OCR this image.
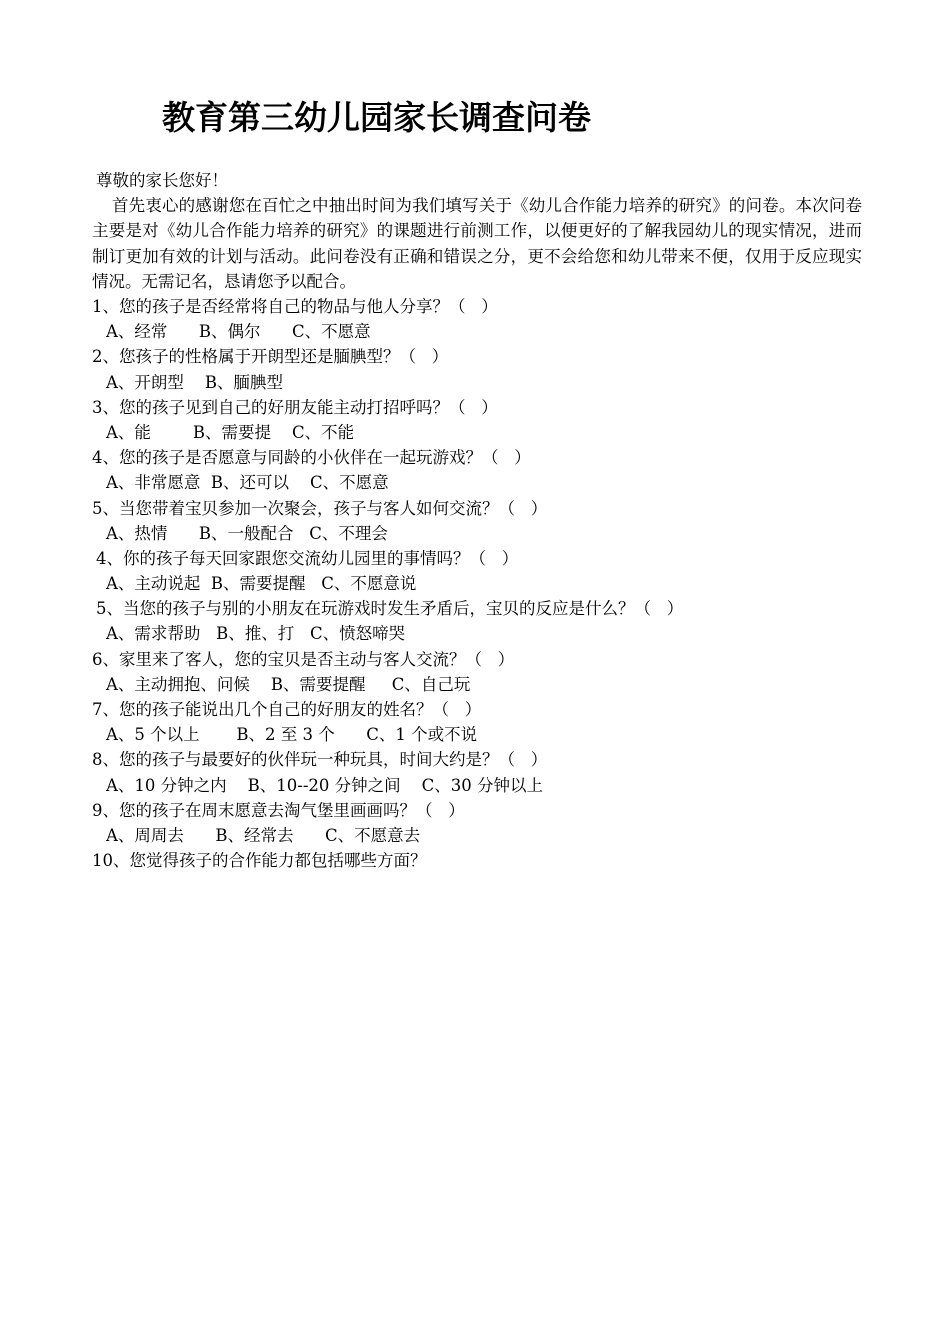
教育第三幼儿园家长调查问卷
尊敬的家长您好！
首先衷心的感谢您在百忙之中抽出时间为我们填写关于《幼儿合作能力培养的研究》的问卷。本次问卷主要是对《幼儿合作能力培养的研究》的课题进行前测工作，以便更好的了解我园幼儿的现实情况，进而制订更加有效的计划与活动。此问卷没有正确和错误之分，更不会给您和幼儿带来不便，仅用于反应现实情况。无需记名，恳请您予以配合。
1、您的孩子是否经常将自己的物品与他人分享？（   ）
A、经常      B、偶尔      C、不愿意
2、您孩子的性格属于开朗型还是腼腆型？（   ）
A、开朗型    B、腼腆型
3、您的孩子见到自己的好朋友能主动打招呼吗？（   ）
A、能        B、需要提    C、不能
4、您的孩子是否愿意与同龄的小伙伴在一起玩游戏？（   ）
A、非常愿意  B、还可以    C、不愿意
5、当您带着宝贝参加一次聚会，孩子与客人如何交流？（   ）
A、热情      B、一般配合   C、不理会
4、你的孩子每天回家跟您交流幼儿园里的事情吗？（   ）
A、主动说起  B、需要提醒   C、不愿意说
5、当您的孩子与别的小朋友在玩游戏时发生矛盾后，宝贝的反应是什么？（   ）
A、需求帮助   B、推、打   C、愤怒啼哭
6、家里来了客人，您的宝贝是否主动与客人交流？（   ）
A、主动拥抱、问候    B、需要提醒     C、自己玩
7、您的孩子能说出几个自己的好朋友的姓名？（   ）
A、5 个以上       B、2 至 3 个      C、1 个或不说
8、您的孩子与最要好的伙伴玩一种玩具，时间大约是？（   ）
A、10 分钟之内    B、10--20 分钟之间    C、30 分钟以上
9、您的孩子在周末愿意去淘气堡里画画吗？（   ）
A、周周去      B、经常去      C、不愿意去
10、您觉得孩子的合作能力都包括哪些方面？
